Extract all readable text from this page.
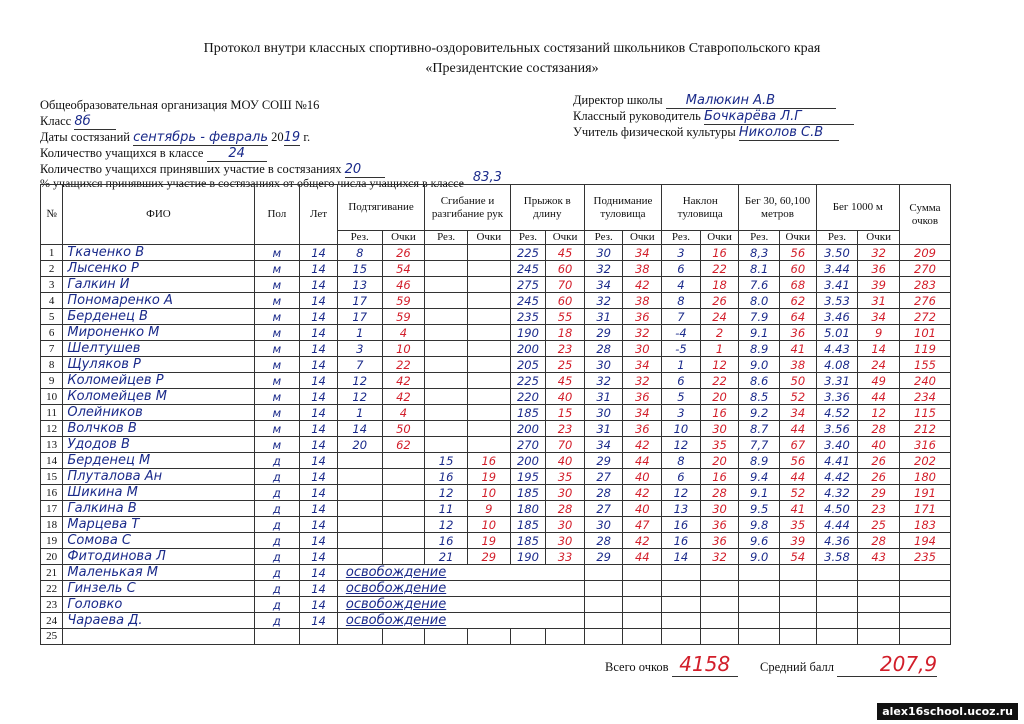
Протокол внутри классных спортивно-оздоровительных состязаний школьников Ставропольского края
«Президентские состязания»
Общеобразовательная организация МОУ СОШ №16
Класс 8б
Даты состязаний сентябрь - февраль 2019 г.
Количество учащихся в классе 24
Количество учащихся принявших участие в состязаниях 20
% учащихся принявших участие в состязаниях от общего числа учащихся в классе 83,3
Директор школы Малюкин А.В
Классный руководитель Бочкарёва Л.Г
Учитель физической культуры Николов С.В
№	ФИО	Пол	Лет	Подтягивание		Сгибание и разгибание рук		Прыжок в длину		Поднимание туловища		Наклон туловища		Бег 30, 60,100 метров		Бег 1000 м		Сумма очков
				Рез.	Очки	Рез.	Очки	Рез.	Очки	Рез.	Очки	Рез.	Очки	Рез.	Очки	Рез.	Очки	
1	Ткаченко В	м	14	8	26			225	45	30	34	3	16	8,3	56	3.50	32	209
2	Лысенко Р	м	14	15	54			245	60	32	38	6	22	8.1	60	3.44	36	270
3	Галкин И	м	14	13	46			275	70	34	42	4	18	7.6	68	3.41	39	283
4	Пономаренко А	м	14	17	59			245	60	32	38	8	26	8.0	62	3.53	31	276
5	Берденец В	м	14	17	59			235	55	31	36	7	24	7.9	64	3.46	34	272
6	Мироненко М	м	14	1	4			190	18	29	32	-4	2	9.1	36	5.01	9	101
7	Шелтушев	м	14	3	10			200	23	28	30	-5	1	8.9	41	4.43	14	119
8	Щуляков Р	м	14	7	22			205	25	30	34	1	12	9.0	38	4.08	24	155
9	Коломейцев Р	м	14	12	42			225	45	32	32	6	22	8.6	50	3.31	49	240
10	Коломейцев М	м	14	12	42			220	40	31	36	5	20	8.5	52	3.36	44	234
11	Олейников	м	14	1	4			185	15	30	34	3	16	9.2	34	4.52	12	115
12	Волчков В	м	14	14	50			200	23	31	36	10	30	8.7	44	3.56	28	212
13	Удодов В	м	14	20	62			270	70	34	42	12	35	7,7	67	3.40	40	316
14	Берденец М	д	14			15	16	200	40	29	44	8	20	8.9	56	4.41	26	202
15	Плуталова Ан	д	14			16	19	195	35	27	40	6	16	9.4	44	4.42	26	180
16	Шикина М	д	14			12	10	185	30	28	42	12	28	9.1	52	4.32	29	191
17	Галкина В	д	14			11	9	180	28	27	40	13	30	9.5	41	4.50	23	171
18	Марцева Т	д	14			12	10	185	30	30	47	16	36	9.8	35	4.44	25	183
19	Сомова С	д	14			16	19	185	30	28	42	16	36	9.6	39	4.36	28	194
20	Фитодинова Л	д	14			21	29	190	33	29	44	14	32	9.0	54	3.58	43	235
21	Маленькая М	д	14	освобождение														
22	Гинзель С	д	14	освобождение														
23	Головко	д	14	освобождение														
24	Чараева Д.	д	14	освобождение														
25																		
Всего очков 4158	Средний балл 207,9
alex16school.ucoz.ru
